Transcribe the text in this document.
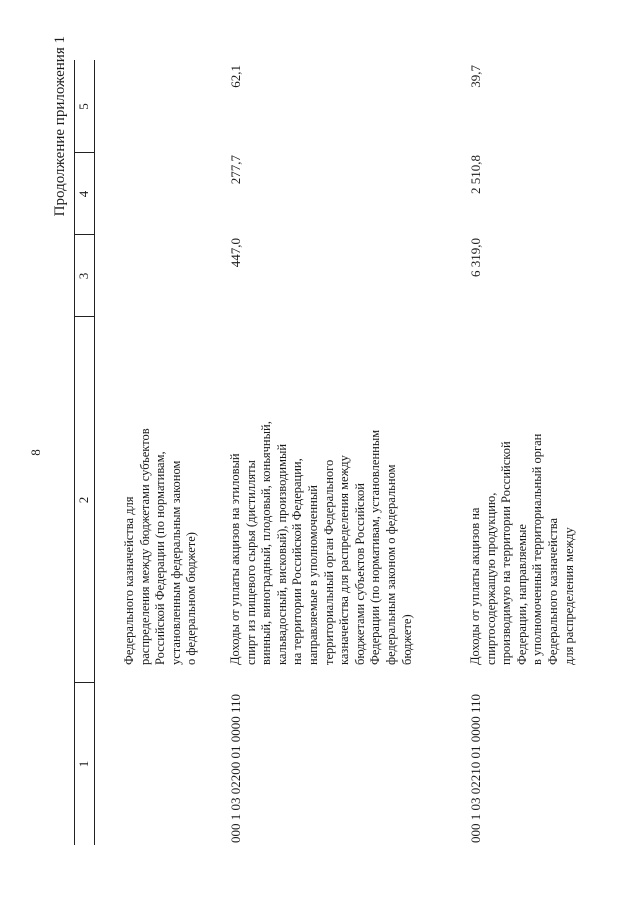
8
Продолжение приложения 1
1
2
3
4
5
Федерального казначейства для распределения между бюджетами субъектов Российской Федерации (по нормативам, установленным федеральным законом о федеральном бюджете)
000 1 03 02200 01 0000 110
Доходы от уплаты акцизов на этиловый спирт из пищевого сырья (дистилляты винный, виноградный, плодовый, коньячный, кальвадосный, висковый), производимый на территории Российской Федерации, направляемые в уполномоченный территориальный орган Федерального казначейства для распределения между бюджетами субъектов Российской Федерации (по нормативам, установленным федеральным законом о федеральном бюджете)
447,0
277,7
62,1
000 1 03 02210 01 0000 110
Доходы от уплаты акцизов на спиртосодержащую продукцию, производимую на территории Российской Федерации, направляемые в уполномоченный территориальный орган Федерального казначейства для распределения между
6 319,0
2 510,8
39,7
